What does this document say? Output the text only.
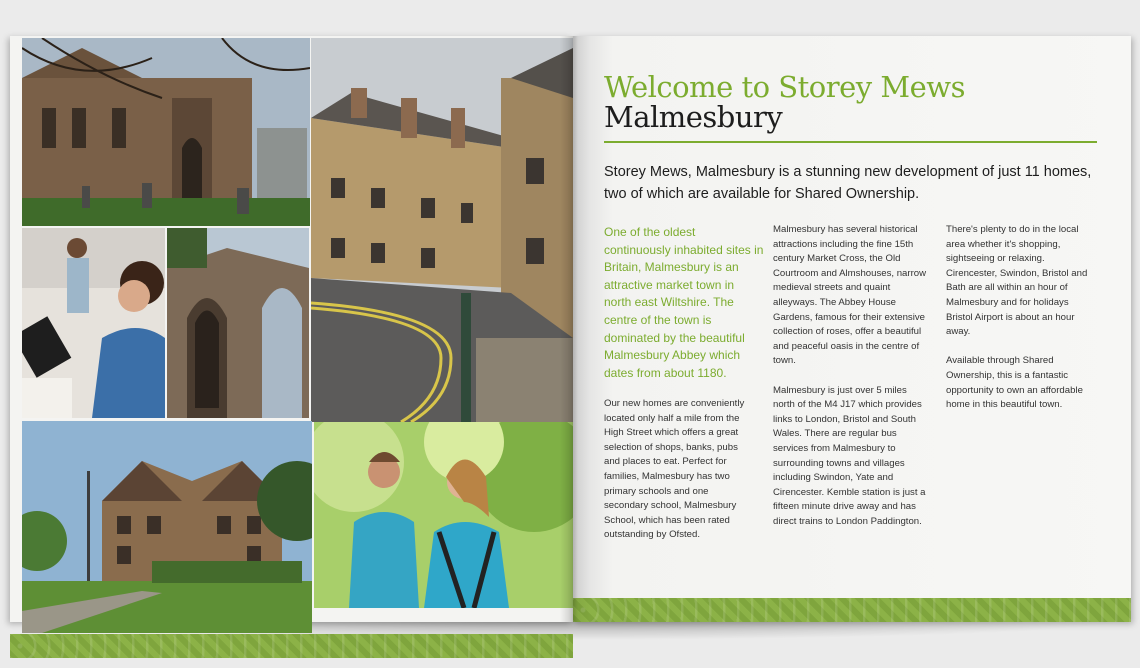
Welcome to Storey Mews
Malmesbury
Storey Mews, Malmesbury is a stunning new development of just 11 homes, two of which are available for Shared Ownership.
One of the oldest continuously inhabited sites in Britain, Malmesbury is an attractive market town in north east Wiltshire. The centre of the town is dominated by the beautiful Malmesbury Abbey which dates from about 1180.

Our new homes are conveniently located only half a mile from the High Street which offers a great selection of shops, banks, pubs and places to eat. Perfect for families, Malmesbury has two primary schools and one secondary school, Malmesbury School, which has been rated outstanding by Ofsted.

Malmesbury has several historical attractions including the fine 15th century Market Cross, the Old Courtroom and Almshouses, narrow medieval streets and quaint alleyways. The Abbey House Gardens, famous for their extensive collection of roses, offer a beautiful and peaceful oasis in the centre of town.

Malmesbury is just over 5 miles north of the M4 J17 which provides links to London, Bristol and South Wales. There are regular bus services from Malmesbury to surrounding towns and villages including Swindon, Yate and Cirencester. Kemble station is just a fifteen minute drive away and has direct trains to London Paddington.

There's plenty to do in the local area whether it's shopping, sightseeing or relaxing. Cirencester, Swindon, Bristol and Bath are all within an hour of Malmesbury and for holidays Bristol Airport is about an hour away.

Available through Shared Ownership, this is a fantastic opportunity to own an affordable home in this beautiful town.
